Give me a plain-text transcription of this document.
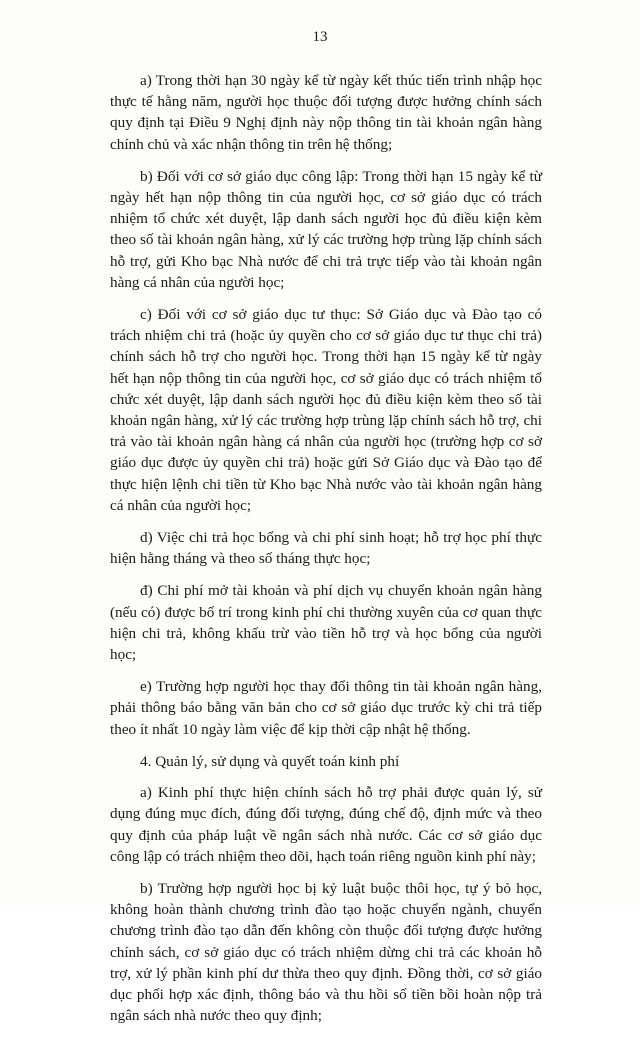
13

a) Trong thời hạn 30 ngày kể từ ngày kết thúc tiến trình nhập học thực tế hằng năm, người học thuộc đối tượng được hưởng chính sách quy định tại Điều 9 Nghị định này nộp thông tin tài khoản ngân hàng chính chủ và xác nhận thông tin trên hệ thống;

b) Đối với cơ sở giáo dục công lập: Trong thời hạn 15 ngày kể từ ngày hết hạn nộp thông tin của người học, cơ sở giáo dục có trách nhiệm tổ chức xét duyệt, lập danh sách người học đủ điều kiện kèm theo số tài khoản ngân hàng, xử lý các trường hợp trùng lặp chính sách hỗ trợ, gửi Kho bạc Nhà nước để chi trả trực tiếp vào tài khoản ngân hàng cá nhân của người học;

c) Đối với cơ sở giáo dục tư thục: Sở Giáo dục và Đào tạo có trách nhiệm chi trả (hoặc ủy quyền cho cơ sở giáo dục tư thục chi trả) chính sách hỗ trợ cho người học. Trong thời hạn 15 ngày kể từ ngày hết hạn nộp thông tin của người học, cơ sở giáo dục có trách nhiệm tổ chức xét duyệt, lập danh sách người học đủ điều kiện kèm theo số tài khoản ngân hàng, xử lý các trường hợp trùng lặp chính sách hỗ trợ, chi trả vào tài khoản ngân hàng cá nhân của người học (trường hợp cơ sở giáo dục được ủy quyền chi trả) hoặc gửi Sở Giáo dục và Đào tạo để thực hiện lệnh chi tiền từ Kho bạc Nhà nước vào tài khoản ngân hàng cá nhân của người học;

d) Việc chi trả học bổng và chi phí sinh hoạt; hỗ trợ học phí thực hiện hằng tháng và theo số tháng thực học;

đ) Chi phí mở tài khoản và phí dịch vụ chuyển khoản ngân hàng (nếu có) được bố trí trong kinh phí chi thường xuyên của cơ quan thực hiện chi trả, không khấu trừ vào tiền hỗ trợ và học bổng của người học;

e) Trường hợp người học thay đổi thông tin tài khoản ngân hàng, phải thông báo bằng văn bản cho cơ sở giáo dục trước kỳ chi trả tiếp theo ít nhất 10 ngày làm việc để kịp thời cập nhật hệ thống.

4. Quản lý, sử dụng và quyết toán kinh phí

a) Kinh phí thực hiện chính sách hỗ trợ phải được quản lý, sử dụng đúng mục đích, đúng đối tượng, đúng chế độ, định mức và theo quy định của pháp luật về ngân sách nhà nước. Các cơ sở giáo dục công lập có trách nhiệm theo dõi, hạch toán riêng nguồn kinh phí này;

b) Trường hợp người học bị kỷ luật buộc thôi học, tự ý bỏ học, không hoàn thành chương trình đào tạo hoặc chuyển ngành, chuyển chương trình đào tạo dẫn đến không còn thuộc đối tượng được hưởng chính sách, cơ sở giáo dục có trách nhiệm dừng chi trả các khoản hỗ trợ, xử lý phần kinh phí dư thừa theo quy định. Đồng thời, cơ sở giáo dục phối hợp xác định, thông báo và thu hồi số tiền bồi hoàn nộp trả ngân sách nhà nước theo quy định;
